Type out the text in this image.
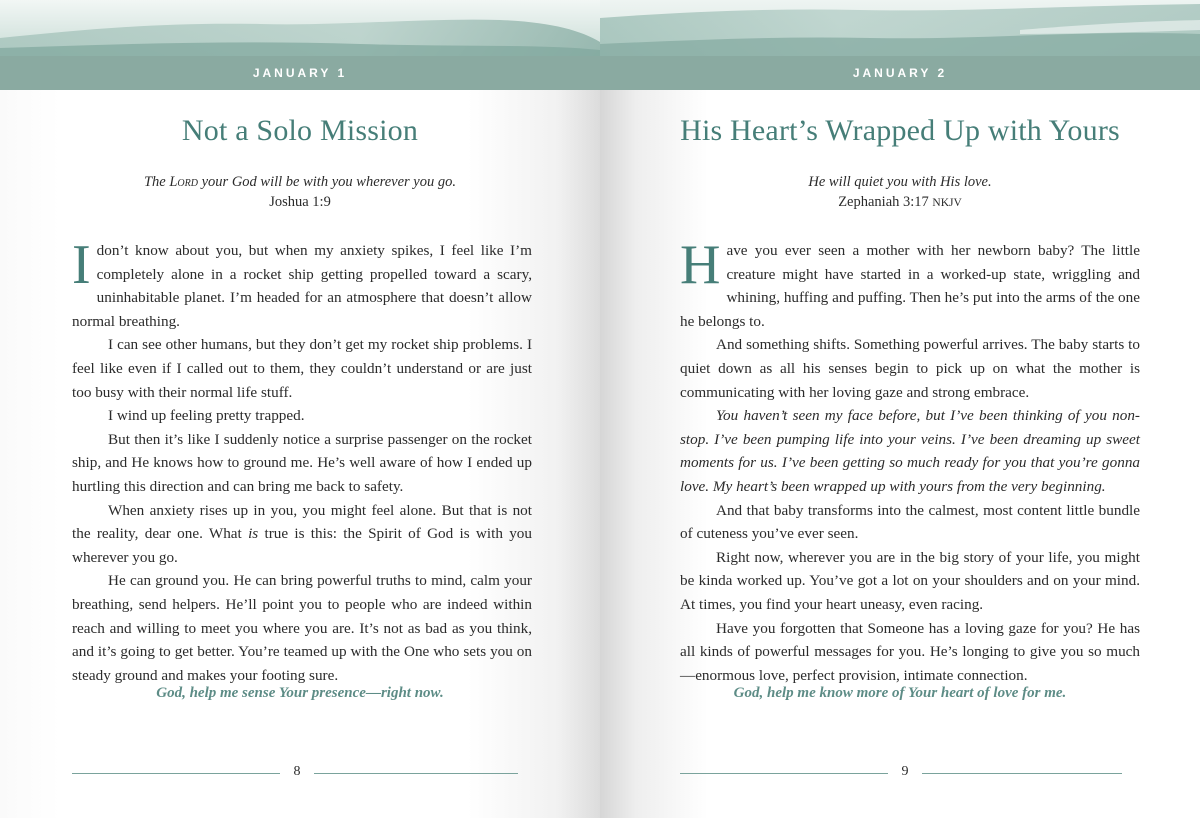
JANUARY 1
Not a Solo Mission
The Lord your God will be with you wherever you go.
Joshua 1:9

Idon’t know about you, but when my anxiety spikes, I feel like I’m completely alone in a rocket ship getting propelled toward a scary, uninhabitable planet. I’m headed for an atmosphere that doesn’t allow normal breathing.

I can see other humans, but they don’t get my rocket ship problems. I feel like even if I called out to them, they couldn’t understand or are just too busy with their normal life stuff.

I wind up feeling pretty trapped.

But then it’s like I suddenly notice a surprise passenger on the rocket ship, and He knows how to ground me. He’s well aware of how I ended up hurtling this direction and can bring me back to safety.

When anxiety rises up in you, you might feel alone. But that is not the reality, dear one. What is true is this: the Spirit of God is with you wherever you go.

He can ground you. He can bring powerful truths to mind, calm your breathing, send helpers. He’ll point you to people who are indeed within reach and willing to meet you where you are. It’s not as bad as you think, and it’s going to get better. You’re teamed up with the One who sets you on steady ground and makes your footing sure.

God, help me sense Your presence—right now.
8
JANUARY 2
His Heart’s Wrapped Up with Yours
He will quiet you with His love.
Zephaniah 3:17 NKJV

Have you ever seen a mother with her newborn baby? The little creature might have started in a worked-up state, wriggling and whining, huffing and puffing. Then he’s put into the arms of the one he belongs to.

And something shifts. Something powerful arrives. The baby starts to quiet down as all his senses begin to pick up on what the mother is communicating with her loving gaze and strong embrace.

You haven’t seen my face before, but I’ve been thinking of you non-stop. I’ve been pumping life into your veins. I’ve been dreaming up sweet moments for us. I’ve been getting so much ready for you that you’re gonna love. My heart’s been wrapped up with yours from the very beginning.

And that baby transforms into the calmest, most content little bundle of cuteness you’ve ever seen.

Right now, wherever you are in the big story of your life, you might be kinda worked up. You’ve got a lot on your shoulders and on your mind. At times, you find your heart uneasy, even racing.

Have you forgotten that Someone has a loving gaze for you? He has all kinds of powerful messages for you. He’s longing to give you so much—enormous love, perfect provision, intimate connection.

God, help me know more of Your heart of love for me.
9
